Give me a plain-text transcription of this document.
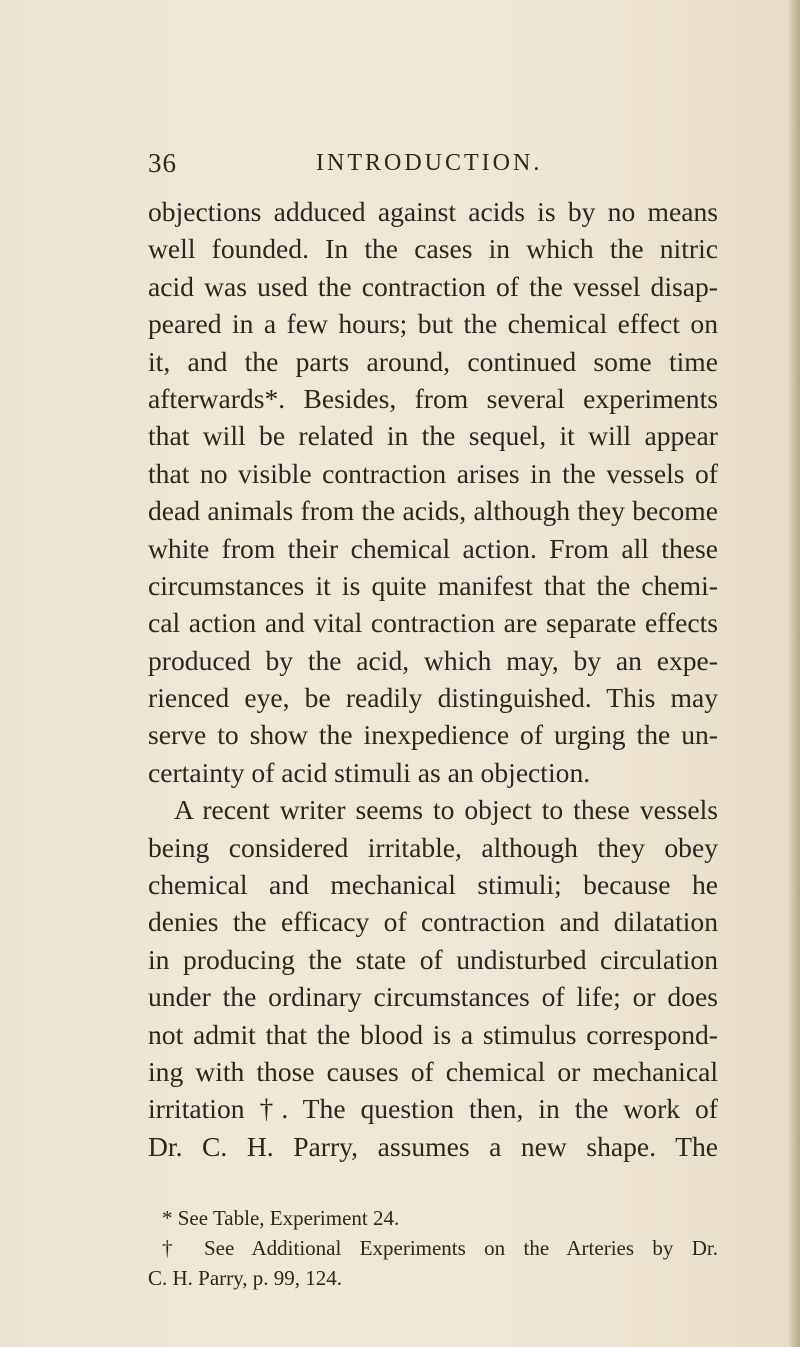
36	INTRODUCTION.
objections adduced against acids is by no means
well founded. In the cases in which the nitric
acid was used the contraction of the vessel disap-
peared in a few hours; but the chemical effect on
it, and the parts around, continued some time
afterwards*. Besides, from several experiments
that will be related in the sequel, it will appear
that no visible contraction arises in the vessels of
dead animals from the acids, although they become
white from their chemical action. From all these
circumstances it is quite manifest that the chemi-
cal action and vital contraction are separate effects
produced by the acid, which may, by an expe-
rienced eye, be readily distinguished. This may
serve to show the inexpedience of urging the un-
certainty of acid stimuli as an objection.
A recent writer seems to object to these vessels
being considered irritable, although they obey
chemical and mechanical stimuli; because he
denies the efficacy of contraction and dilatation
in producing the state of undisturbed circulation
under the ordinary circumstances of life; or does
not admit that the blood is a stimulus correspond-
ing with those causes of chemical or mechanical
irritation †. The question then, in the work of
Dr. C. H. Parry, assumes a new shape. The
* See Table, Experiment 24.
† See Additional Experiments on the Arteries by Dr.
C. H. Parry, p. 99, 124.
